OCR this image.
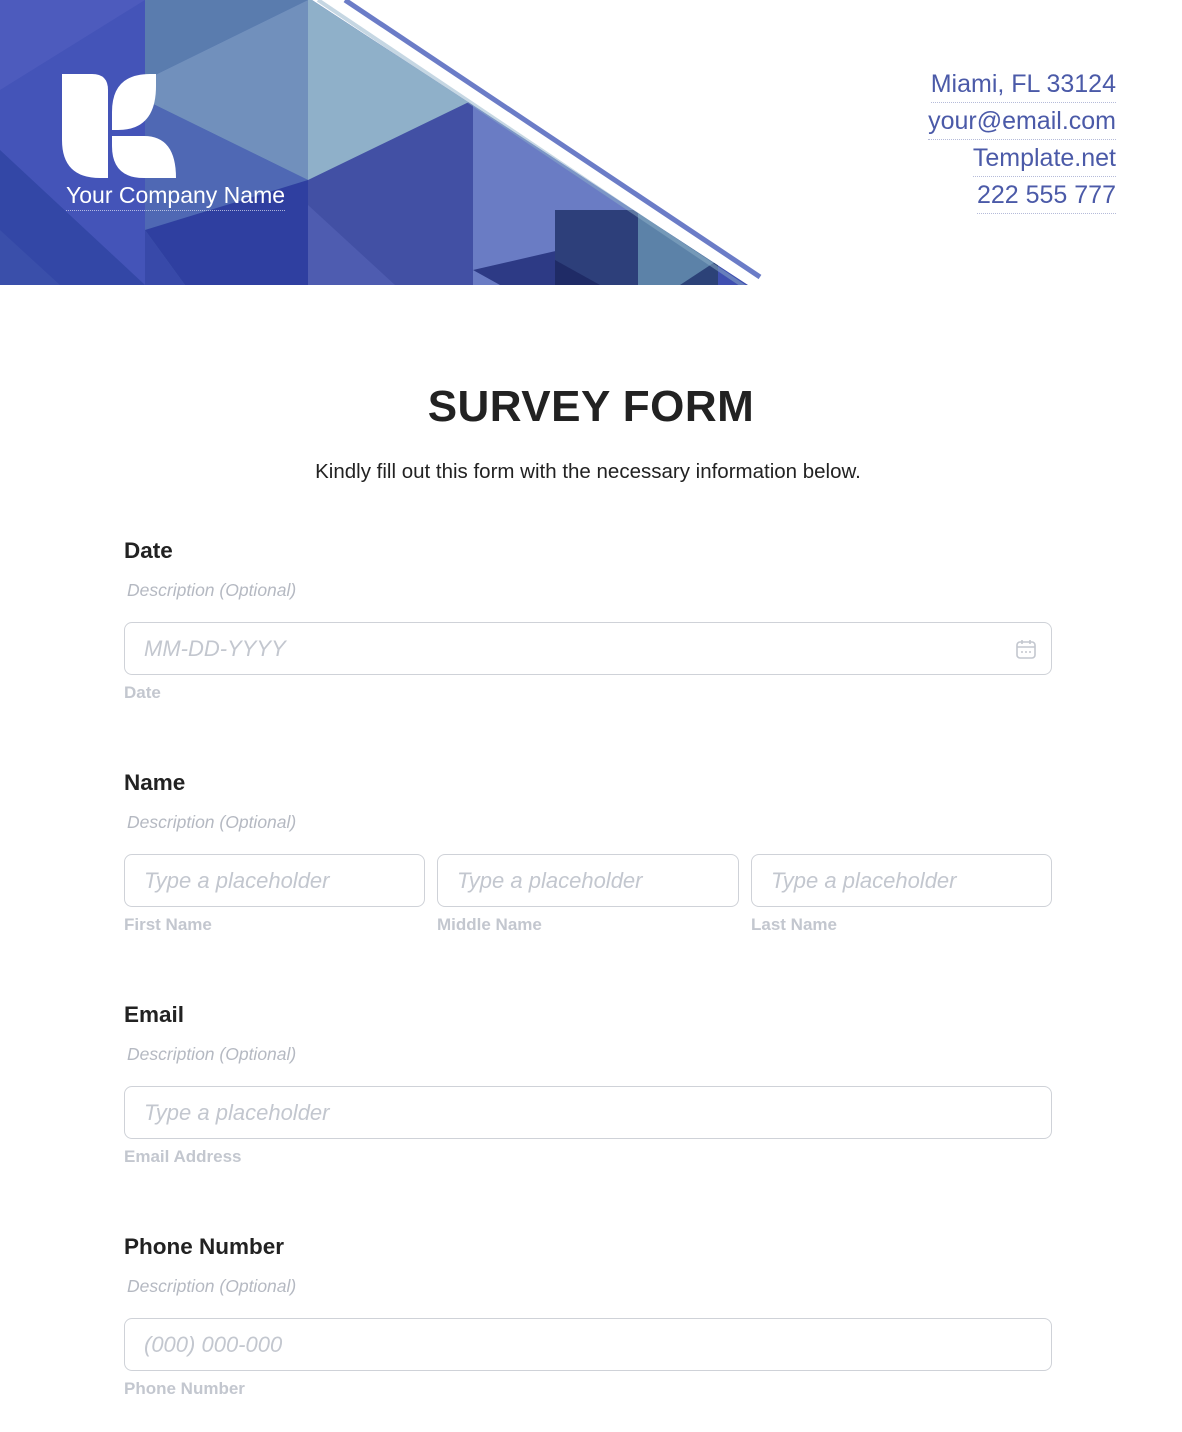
Your Company Name
Miami, FL 33124
your@email.com
Template.net
222 555 777
SURVEY FORM
Kindly fill out this form with the necessary information below.
Date
Description (Optional)
MM-DD-YYYY
Date
Name
Description (Optional)
Type a placeholder	Type a placeholder	Type a placeholder
First Name	Middle Name	Last Name
Email
Description (Optional)
Type a placeholder
Email Address
Phone Number
Description (Optional)
(000) 000-000
Phone Number
